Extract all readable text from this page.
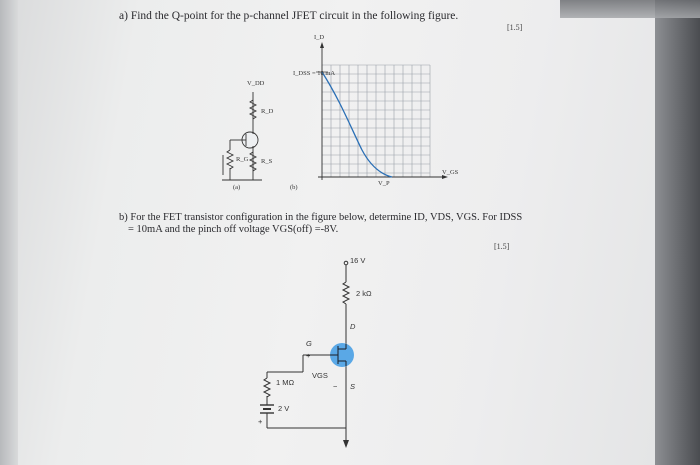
a) Find the Q-point for the p-channel JFET circuit in the following figure.
[1.5]
I_D
I_DSS = 10 mA
V_GS
V_P
V_DD
R_D
R_G R_S
(a)	(b)
b) For the FET transistor configuration in the figure below, determine ID, VDS, VGS. For IDSS
= 10mA and the pinch off voltage VGS(off) =-8V.
[1.5]
16 V
2 kΩ
D
G
+
VGS
− S
1 MΩ
2 V
+
